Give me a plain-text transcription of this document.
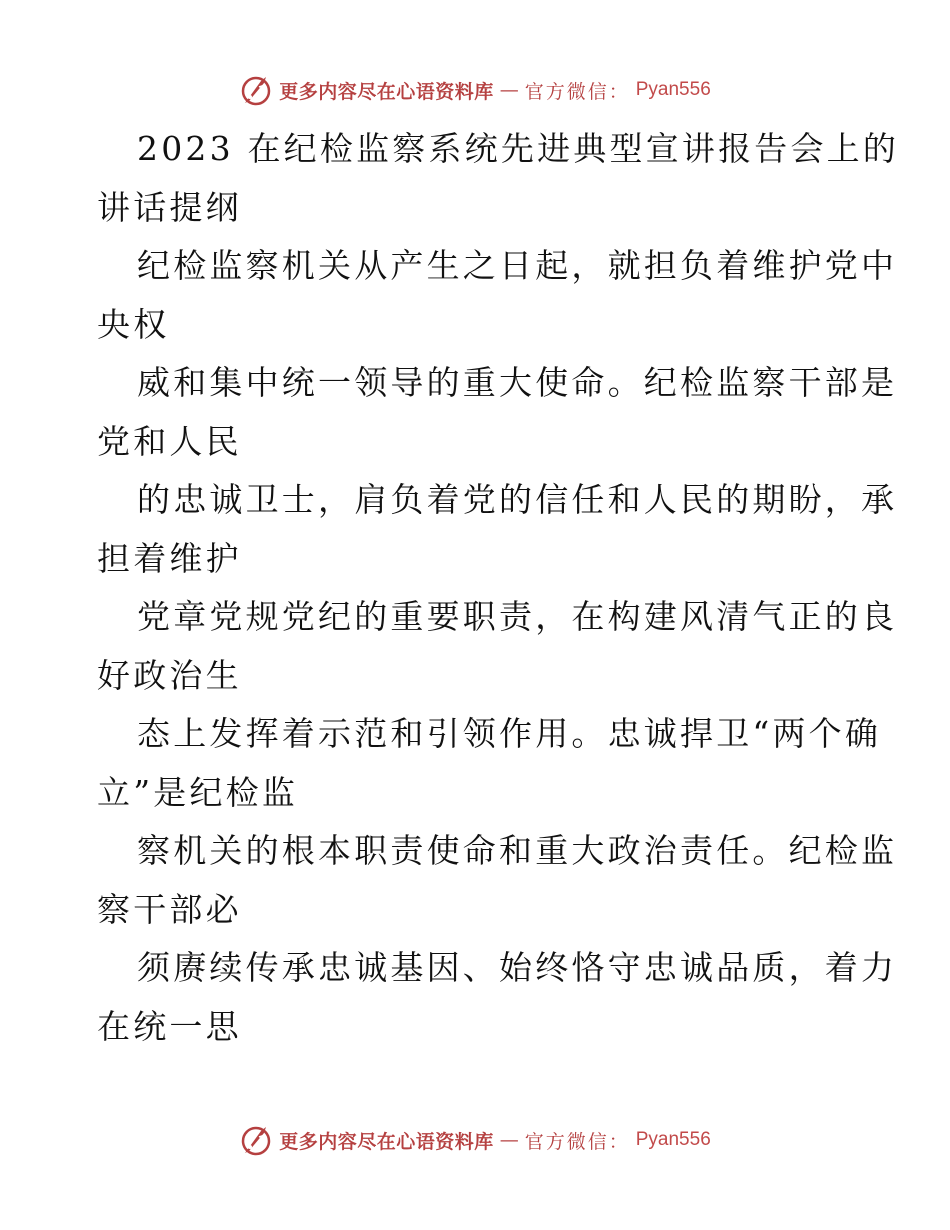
更多内容尽在心语资料库 — 官方微信： Pyan556
2023 在纪检监察系统先进典型宣讲报告会上的
讲话提纲
纪检监察机关从产生之日起，就担负着维护党中
央权
威和集中统一领导的重大使命。纪检监察干部是
党和人民
的忠诚卫士，肩负着党的信任和人民的期盼，承
担着维护
党章党规党纪的重要职责，在构建风清气正的良
好政治生
态上发挥着示范和引领作用。忠诚捍卫“两个确
立”是纪检监
察机关的根本职责使命和重大政治责任。纪检监
察干部必
须赓续传承忠诚基因、始终恪守忠诚品质，着力
在统一思
更多内容尽在心语资料库 — 官方微信： Pyan556
